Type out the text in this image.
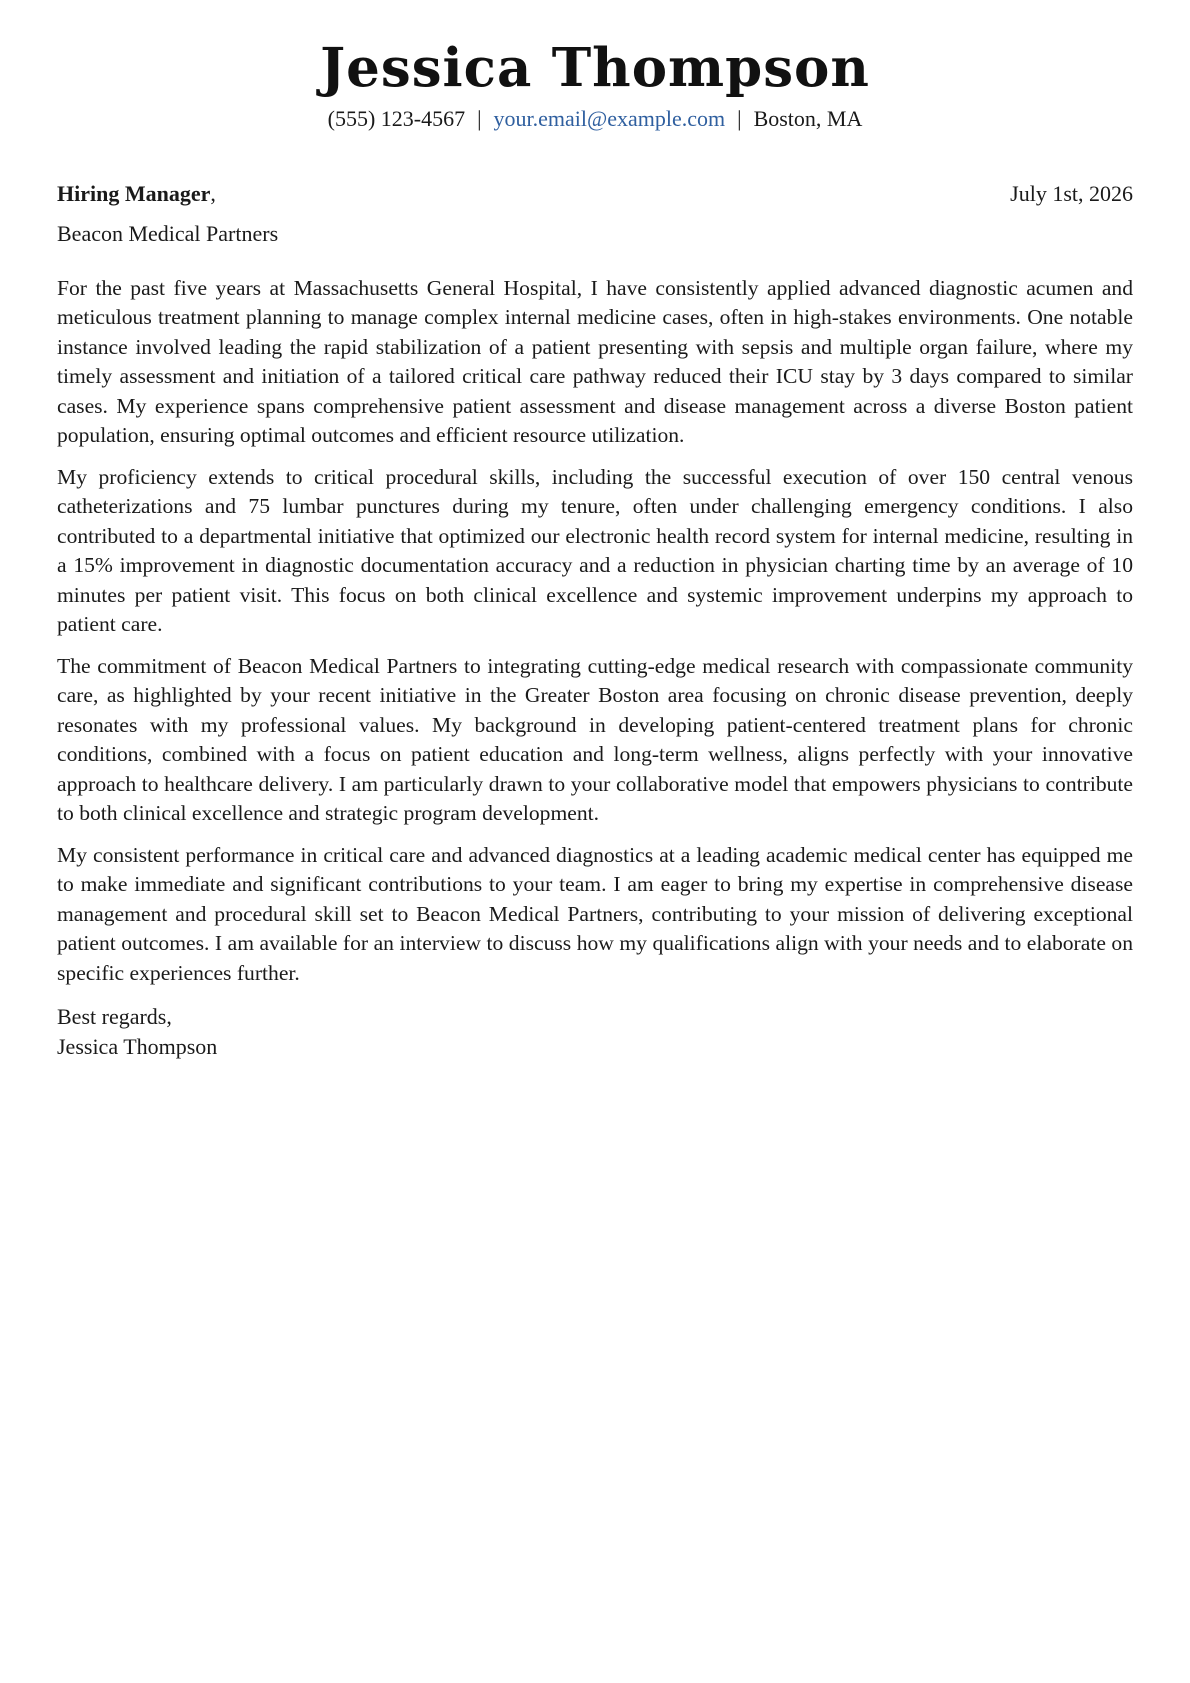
Jessica Thompson
(555) 123-4567 | your.email@example.com | Boston, MA
Hiring Manager,	July 1st, 2026
Beacon Medical Partners

For the past five years at Massachusetts General Hospital, I have consistently applied advanced diagnostic acumen and meticulous treatment planning to manage complex internal medicine cases, often in high-stakes environments. One notable instance involved leading the rapid stabilization of a patient presenting with sepsis and multiple organ failure, where my timely assessment and initiation of a tailored critical care pathway reduced their ICU stay by 3 days compared to similar cases. My experience spans comprehensive patient assessment and disease management across a diverse Boston patient population, ensuring optimal outcomes and efficient resource utilization.

My proficiency extends to critical procedural skills, including the successful execution of over 150 central venous catheterizations and 75 lumbar punctures during my tenure, often under challenging emergency conditions. I also contributed to a departmental initiative that optimized our electronic health record system for internal medicine, resulting in a 15% improvement in diagnostic documentation accuracy and a reduction in physician charting time by an average of 10 minutes per patient visit. This focus on both clinical excellence and systemic improvement underpins my approach to patient care.

The commitment of Beacon Medical Partners to integrating cutting-edge medical research with compassionate community care, as highlighted by your recent initiative in the Greater Boston area focusing on chronic disease prevention, deeply resonates with my professional values. My background in developing patient-centered treatment plans for chronic conditions, combined with a focus on patient education and long-term wellness, aligns perfectly with your innovative approach to healthcare delivery. I am particularly drawn to your collaborative model that empowers physicians to contribute to both clinical excellence and strategic program development.

My consistent performance in critical care and advanced diagnostics at a leading academic medical center has equipped me to make immediate and significant contributions to your team. I am eager to bring my expertise in comprehensive disease management and procedural skill set to Beacon Medical Partners, contributing to your mission of delivering exceptional patient outcomes. I am available for an interview to discuss how my qualifications align with your needs and to elaborate on specific experiences further.

Best regards,
Jessica Thompson
